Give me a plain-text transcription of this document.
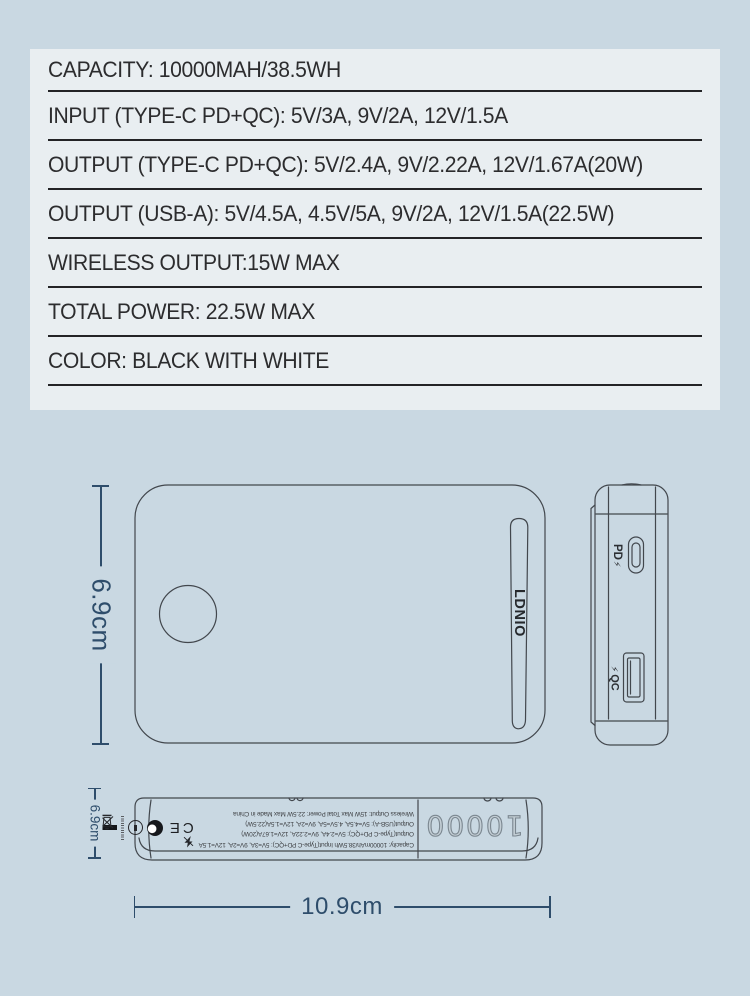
CAPACITY: 10000MAH/38.5WH
INPUT (TYPE-C PD+QC): 5V/3A, 9V/2A, 12V/1.5A
OUTPUT (TYPE-C PD+QC): 5V/2.4A, 9V/2.22A, 12V/1.67A(20W)
OUTPUT (USB-A): 5V/4.5A, 4.5V/5A, 9V/2A, 12V/1.5A(22.5W)
WIRELESS OUTPUT:15W MAX
TOTAL POWER: 22.5W MAX
COLOR: BLACK WITH WHITE
LDNIO
6.9cm
PD
⚡
⚡
QC
Capacity: 10000mAh/38.5Wh Input(Type-C PD+QC): 5V=3A, 9V=2A, 12V=1.5A
Output(Type-C PD+QC): 5V=2.4A, 9V=2.22A, 12V=1.67A(20W)
Output(USB-A): 5V=4.5A, 4.5V=5A, 9V=2A, 12V=1.5A(22.5W)
Wireless Output: 15W Max Total Power: 22.5W Max Made in China
CE	10000
6.9cm
10.9cm
